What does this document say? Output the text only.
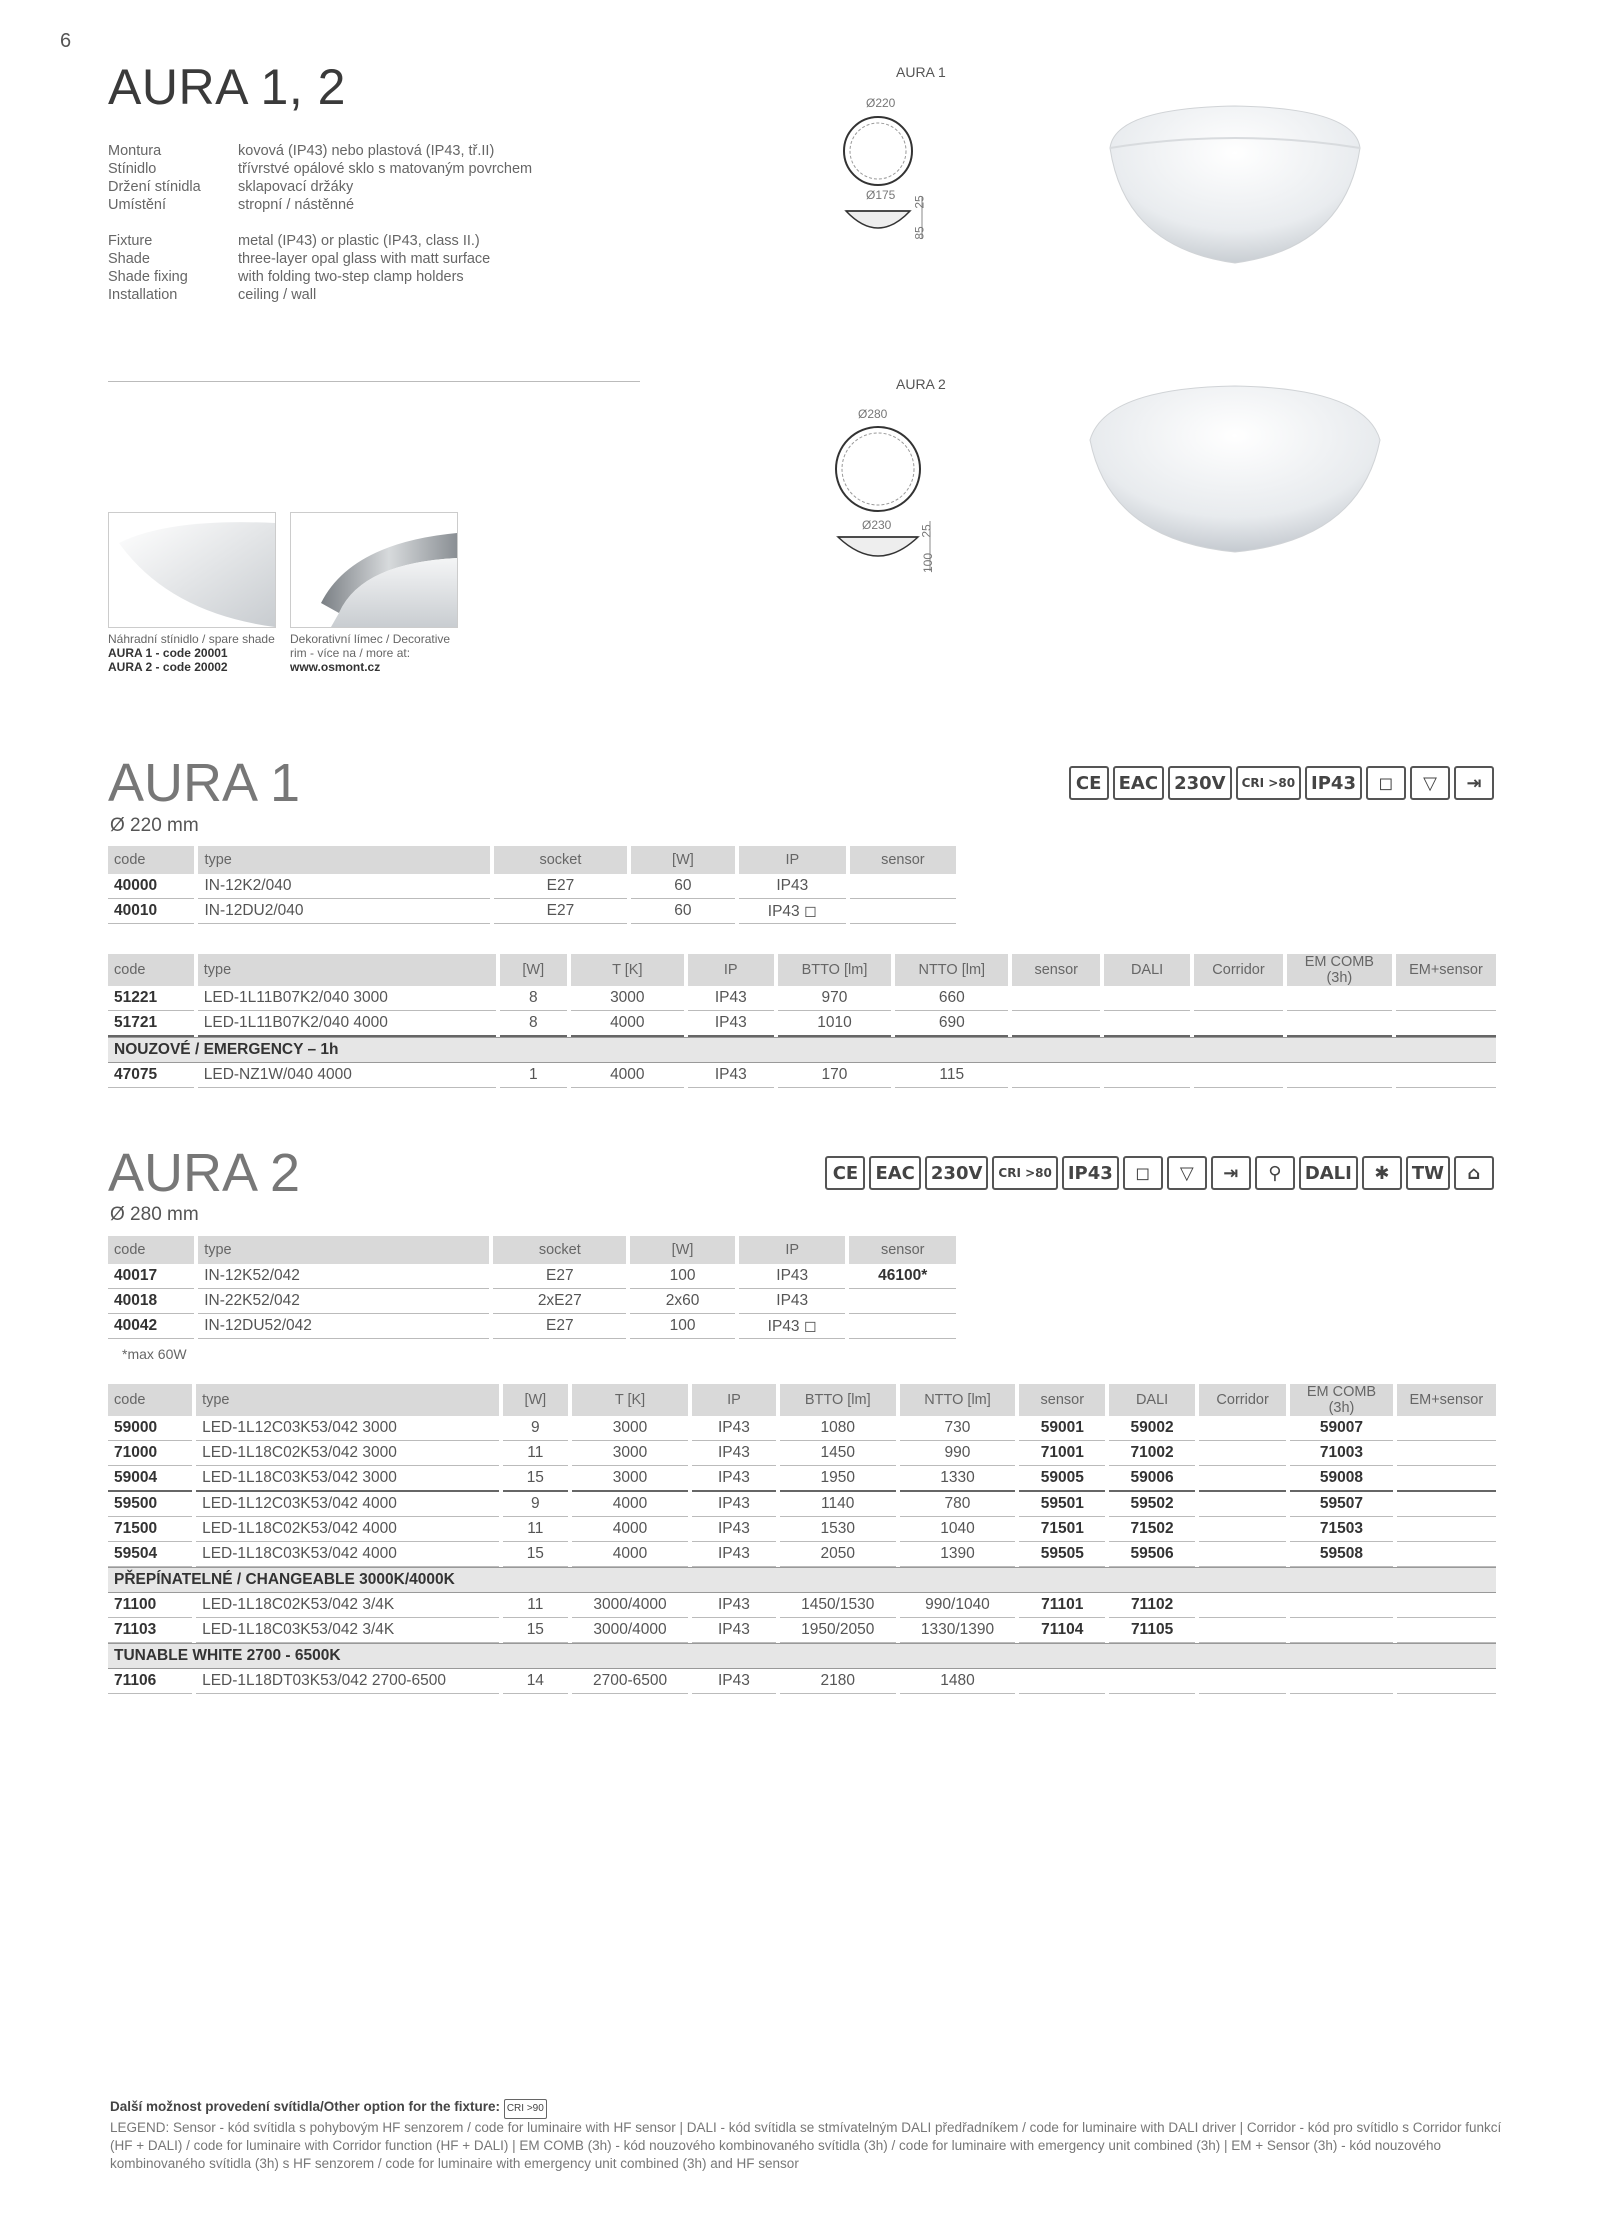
6
AURA 1, 2
Montura	kovová (IP43) nebo plastová (IP43, tř.II)
Stínidlo	třívrstvé opálové sklo s matovaným povrchem
Držení stínidla	sklapovací držáky
Umístění	stropní / nástěnné
Fixture	metal (IP43) or plastic (IP43, class II.)
Shade	three-layer opal glass with matt surface
Shade fixing	with folding two-step clamp holders
Installation	ceiling / wall
AURA 1
Ø220
Ø175
85
25
AURA 2
Ø280
Ø230
100
25
Náhradní stínidlo / spare shade
AURA 1 - code 20001
AURA 2 - code 20002
Dekorativní límec / Decorative
rim - více na / more at:
www.osmont.cz
AURA 1
Ø 220 mm
CE EAC 230V	CRI >80 IP43	◻	▽	⇥
code	type	socket	[W]	IP	sensor
40000	IN-12K2/040	E27	60	IP43	
40010	IN-12DU2/040	E27	60	IP43 ◻	
code	type	[W]	T [K]	IP	BTTO [lm]	NTTO [lm]	sensor	DALI	Corridor	EM COMB (3h)	EM+sensor
51221	LED-1L11B07K2/040 3000	8	3000	IP43	970	660					
51721	LED-1L11B07K2/040 4000	8	4000	IP43	1010	690					
NOUZOVÉ / EMERGENCY – 1h											
47075	LED-NZ1W/040 4000	1	4000	IP43	170	115					
AURA 2
Ø 280 mm
CE EAC 230V	CRI >80 IP43	◻	▽	⇥	⚲	DALI	✱	TW	⌂
code	type	socket	[W]	IP	sensor
40017	IN-12K52/042	E27	100	IP43	46100*
40018	IN-22K52/042	2xE27	2x60	IP43	
40042	IN-12DU52/042	E27	100	IP43 ◻	
*max 60W
code	type	[W]	T [K]	IP	BTTO [lm]	NTTO [lm]	sensor	DALI	Corridor	EM COMB (3h)	EM+sensor
59000	LED-1L12C03K53/042 3000	9	3000	IP43	1080	730	59001	59002		59007	
71000	LED-1L18C02K53/042 3000	11	3000	IP43	1450	990	71001	71002		71003	
59004	LED-1L18C03K53/042 3000	15	3000	IP43	1950	1330	59005	59006		59008	
59500	LED-1L12C03K53/042 4000	9	4000	IP43	1140	780	59501	59502		59507	
71500	LED-1L18C02K53/042 4000	11	4000	IP43	1530	1040	71501	71502		71503	
59504	LED-1L18C03K53/042 4000	15	4000	IP43	2050	1390	59505	59506		59508	
PŘEPÍNATELNÉ / CHANGEABLE 3000K/4000K											
71100	LED-1L18C02K53/042 3/4K	11	3000/4000	IP43	1450/1530	990/1040	71101	71102			
71103	LED-1L18C03K53/042 3/4K	15	3000/4000	IP43	1950/2050	1330/1390	71104	71105			
TUNABLE WHITE 2700 - 6500K											
71106	LED-1L18DT03K53/042 2700-6500	14	2700-6500	IP43	2180	1480					
Další možnost provedení svítidla/Other option for the fixture: CRI >90
LEGEND: Sensor - kód svítidla s pohybovým HF senzorem / code for luminaire with HF sensor | DALI - kód svítidla se stmívatelným DALI předřadníkem / code for luminaire with DALI driver | Corridor - kód pro svítidlo s Corridor funkcí (HF + DALI) / code for luminaire with Corridor function (HF + DALI) | EM COMB (3h) - kód nouzového kombinovaného svítidla (3h) / code for luminaire with emergency unit combined (3h) | EM + Sensor (3h) - kód nouzového kombinovaného svítidla (3h) s HF senzorem / code for luminaire with emergency unit combined (3h) and HF sensor
